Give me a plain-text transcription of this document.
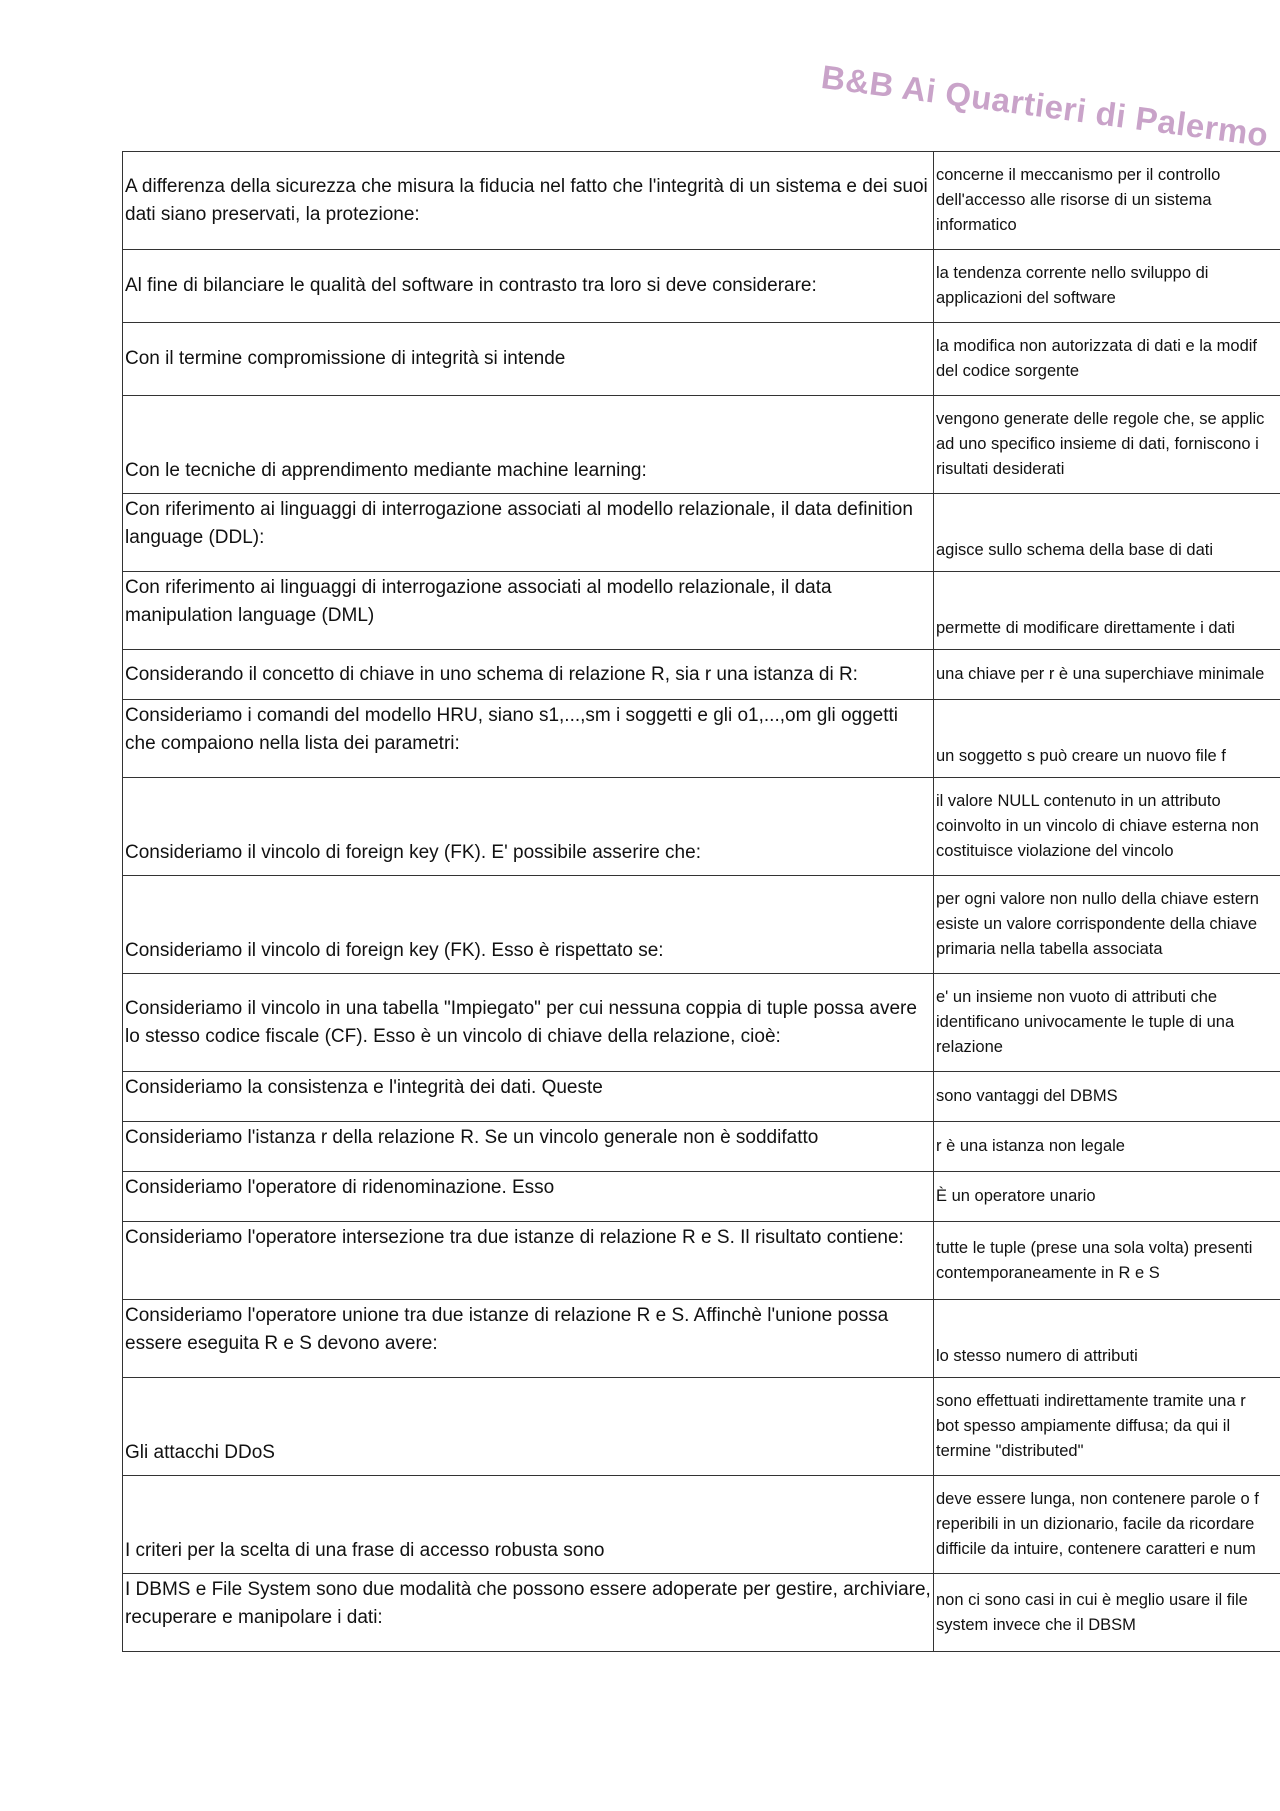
B&B Ai Quartieri di Palermo
A differenza della sicurezza che misura la fiducia nel fatto che l'integrità di un sistema e dei suoi dati siano preservati, la protezione:	concerne il meccanismo per il controllo
dell'accesso alle risorse di un sistema
informatico

Al fine di bilanciare le qualità del software in contrasto tra loro si deve considerare:	la tendenza corrente nello sviluppo di
applicazioni del software

Con il termine compromissione di integrità si intende	la modifica non autorizzata di dati e la modif
del codice sorgente

Con le tecniche di apprendimento mediante machine learning:	vengono generate delle regole che, se applic
ad uno specifico insieme di dati, forniscono i
risultati desiderati

Con riferimento ai linguaggi di interrogazione associati al modello relazionale, il data definition language (DDL):	agisce sullo schema della base di dati

Con riferimento ai linguaggi di interrogazione associati al modello relazionale, il data manipulation language (DML)	permette di modificare direttamente i dati

Considerando il concetto di chiave in uno schema di relazione R, sia r una istanza di R:	una chiave per r è una superchiave minimale

Consideriamo i comandi del modello HRU, siano s1,...,sm i soggetti e gli o1,...,om gli oggetti che compaiono nella lista dei parametri:	un soggetto s può creare un nuovo file f

Consideriamo il vincolo di foreign key (FK). E' possibile asserire che:	il valore NULL contenuto in un attributo
coinvolto in un vincolo di chiave esterna non
costituisce violazione del vincolo

Consideriamo il vincolo di foreign key (FK). Esso è rispettato se:	per ogni valore non nullo della chiave estern
esiste un valore corrispondente della chiave
primaria nella tabella associata

Consideriamo il vincolo in una tabella "Impiegato" per cui nessuna coppia di tuple possa avere lo stesso codice fiscale (CF). Esso è un vincolo di chiave della relazione, cioè:	e' un insieme non vuoto di attributi che
identificano univocamente le tuple di una
relazione

Consideriamo la consistenza e l'integrità dei dati. Queste	sono vantaggi del DBMS

Consideriamo l'istanza r della relazione R. Se un vincolo generale non è soddifatto	r è una istanza non legale

Consideriamo l'operatore di ridenominazione. Esso	È un operatore unario

Consideriamo l'operatore intersezione tra due istanze di relazione R e S. Il risultato contiene:	tutte le tuple (prese una sola volta) presenti
contemporaneamente in R e S

Consideriamo l'operatore unione tra due istanze di relazione R e S. Affinchè l'unione possa essere eseguita R e S devono avere:	lo stesso numero di attributi

Gli attacchi DDoS	sono effettuati indirettamente tramite una r
bot spesso ampiamente diffusa; da qui il
termine "distributed"

I criteri per la scelta di una frase di accesso robusta sono	deve essere lunga, non contenere parole o f
reperibili in un dizionario, facile da ricordare
difficile da intuire, contenere caratteri e num

I DBMS e File System sono due modalità che possono essere adoperate per gestire, archiviare, recuperare e manipolare i dati:	non ci sono casi in cui è meglio usare il file
system invece che il DBSM
